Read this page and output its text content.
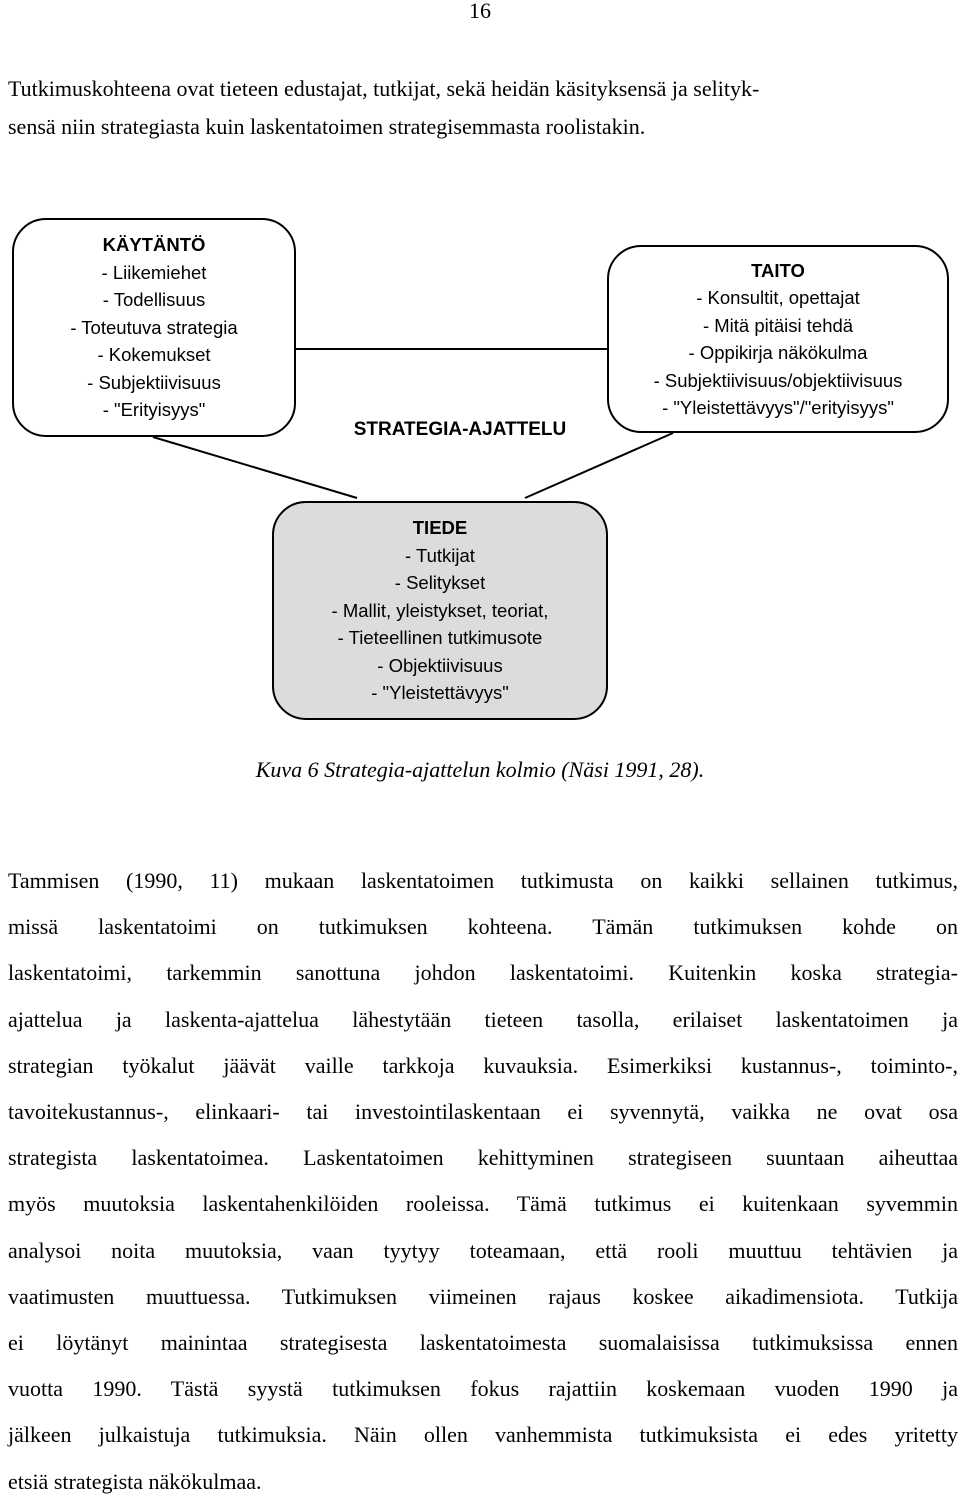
16

Tutkimuskohteena ovat tieteen edustajat, tutkijat, sekä heidän käsityksensä ja selityk-
sensä niin strategiasta kuin laskentatoimen strategisemmasta roolistakin.

KÄYTÄNTÖ
- Liikemiehet
- Todellisuus
- Toteutuva strategia
- Kokemukset
- Subjektiivisuus
- "Erityisyys"
TAITO
- Konsultit, opettajat
- Mitä pitäisi tehdä
- Oppikirja näkökulma
- Subjektiivisuus/objektiivisuus
- "Yleistettävyys"/"erityisyys"
STRATEGIA-AJATTELU
TIEDE
- Tutkijat
- Selitykset
- Mallit, yleistykset, teoriat,
- Tieteellinen tutkimusote
- Objektiivisuus
- "Yleistettävyys"
Kuva 6 Strategia-ajattelun kolmio (Näsi 1991, 28).

Tammisen (1990, 11) mukaan laskentatoimen tutkimusta on kaikki sellainen tutkimus,
missä laskentatoimi on tutkimuksen kohteena. Tämän tutkimuksen kohde on
laskentatoimi, tarkemmin sanottuna johdon laskentatoimi. Kuitenkin koska strategia-
ajattelua ja laskenta-ajattelua lähestytään tieteen tasolla, erilaiset laskentatoimen ja
strategian työkalut jäävät vaille tarkkoja kuvauksia. Esimerkiksi kustannus-, toiminto-,
tavoitekustannus-, elinkaari- tai investointilaskentaan ei syvennytä, vaikka ne ovat osa
strategista laskentatoimea. Laskentatoimen kehittyminen strategiseen suuntaan aiheuttaa
myös muutoksia laskentahenkilöiden rooleissa. Tämä tutkimus ei kuitenkaan syvemmin
analysoi noita muutoksia, vaan tyytyy toteamaan, että rooli muuttuu tehtävien ja
vaatimusten muuttuessa. Tutkimuksen viimeinen rajaus koskee aikadimensiota. Tutkija
ei löytänyt mainintaa strategisesta laskentatoimesta suomalaisissa tutkimuksissa ennen
vuotta 1990. Tästä syystä tutkimuksen fokus rajattiin koskemaan vuoden 1990 ja
jälkeen julkaistuja tutkimuksia. Näin ollen vanhemmista tutkimuksista ei edes yritetty
etsiä strategista näkökulmaa.
